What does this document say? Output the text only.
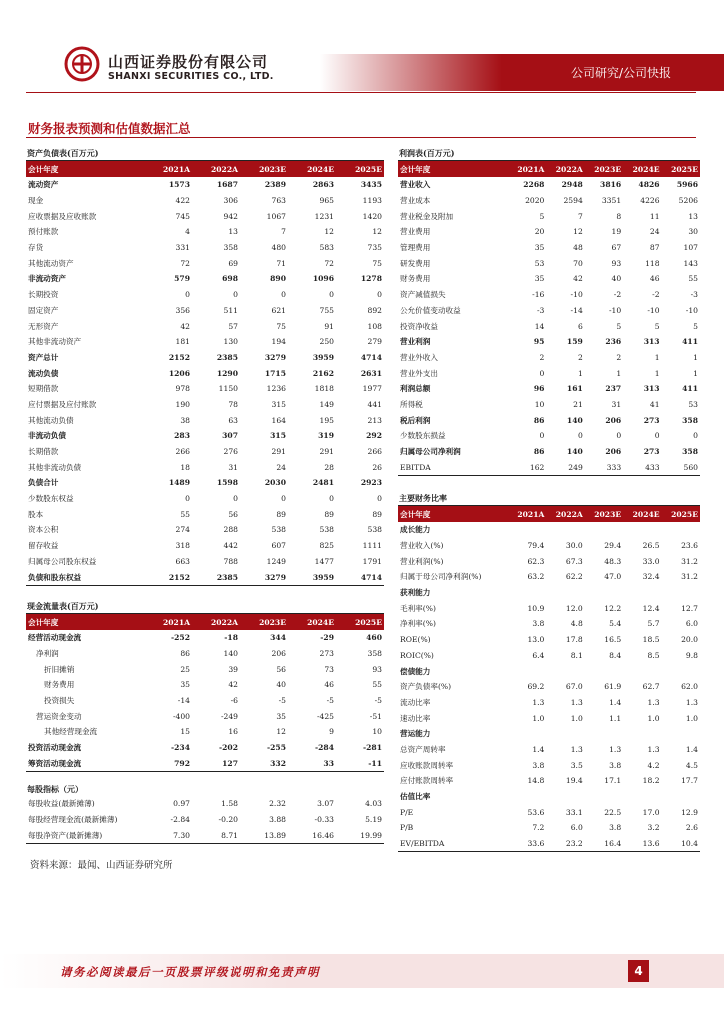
山西证券股份有限公司
SHANXI SECURITIES CO., LTD.	公司研究/公司快报
财务报表预测和估值数据汇总
资产负债表(百万元)
会计年度	2021A	2022A	2023E	2024E	2025E
流动资产	1573	1687	2389	2863	3435
现金	422	306	763	965	1193
应收票据及应收账款	745	942	1067	1231	1420
预付账款	4	13	7	12	12
存货	331	358	480	583	735
其他流动资产	72	69	71	72	75
非流动资产	579	698	890	1096	1278
长期投资	0	0	0	0	0
固定资产	356	511	621	755	892
无形资产	42	57	75	91	108
其他非流动资产	181	130	194	250	279
资产总计	2152	2385	3279	3959	4714
流动负债	1206	1290	1715	2162	2631
短期借款	978	1150	1236	1818	1977
应付票据及应付账款	190	78	315	149	441
其他流动负债	38	63	164	195	213
非流动负债	283	307	315	319	292
长期借款	266	276	291	291	266
其他非流动负债	18	31	24	28	26
负债合计	1489	1598	2030	2481	2923
少数股东权益	0	0	0	0	0
股本	55	56	89	89	89
资本公积	274	288	538	538	538
留存收益	318	442	607	825	1111
归属母公司股东权益	663	788	1249	1477	1791
负债和股东权益	2152	2385	3279	3959	4714
现金流量表(百万元)
会计年度	2021A	2022A	2023E	2024E	2025E
经营活动现金流	-252	-18	344	-29	460
净利润	86	140	206	273	358
折旧摊销	25	39	56	73	93
财务费用	35	42	40	46	55
投资损失	-14	-6	-5	-5	-5
营运资金变动	-400	-249	35	-425	-51
其他经营现金流	15	16	12	9	10
投资活动现金流	-234	-202	-255	-284	-281
筹资活动现金流	792	127	332	33	-11
每股指标（元）
每股收益(最新摊薄)	0.97	1.58	2.32	3.07	4.03
每股经营现金流(最新摊薄)	-2.84	-0.20	3.88	-0.33	5.19
每股净资产(最新摊薄)	7.30	8.71	13.89	16.46	19.99
利润表(百万元)
会计年度	2021A	2022A	2023E	2024E	2025E
营业收入	2268	2948	3816	4826	5966
营业成本	2020	2594	3351	4226	5206
营业税金及附加	5	7	8	11	13
营业费用	20	12	19	24	30
管理费用	35	48	67	87	107
研发费用	53	70	93	118	143
财务费用	35	42	40	46	55
资产减值损失	-16	-10	-2	-2	-3
公允价值变动收益	-3	-14	-10	-10	-10
投资净收益	14	6	5	5	5
营业利润	95	159	236	313	411
营业外收入	2	2	2	1	1
营业外支出	0	1	1	1	1
利润总额	96	161	237	313	411
所得税	10	21	31	41	53
税后利润	86	140	206	273	358
少数股东损益	0	0	0	0	0
归属母公司净利润	86	140	206	273	358
EBITDA	162	249	333	433	560
主要财务比率
会计年度	2021A	2022A	2023E	2024E	2025E
成长能力					
营业收入(%)	79.4	30.0	29.4	26.5	23.6
营业利润(%)	62.3	67.3	48.3	33.0	31.2
归属于母公司净利润(%)	63.2	62.2	47.0	32.4	31.2
获利能力					
毛利率(%)	10.9	12.0	12.2	12.4	12.7
净利率(%)	3.8	4.8	5.4	5.7	6.0
ROE(%)	13.0	17.8	16.5	18.5	20.0
ROIC(%)	6.4	8.1	8.4	8.5	9.8
偿债能力					
资产负债率(%)	69.2	67.0	61.9	62.7	62.0
流动比率	1.3	1.3	1.4	1.3	1.3
速动比率	1.0	1.0	1.1	1.0	1.0
营运能力					
总资产周转率	1.4	1.3	1.3	1.3	1.4
应收账款周转率	3.8	3.5	3.8	4.2	4.5
应付账款周转率	14.8	19.4	17.1	18.2	17.7
估值比率					
P/E	53.6	33.1	22.5	17.0	12.9
P/B	7.2	6.0	3.8	3.2	2.6
EV/EBITDA	33.6	23.2	16.4	13.6	10.4
资料来源：最闻、山西证券研究所
请务必阅读最后一页股票评级说明和免责声明	4
